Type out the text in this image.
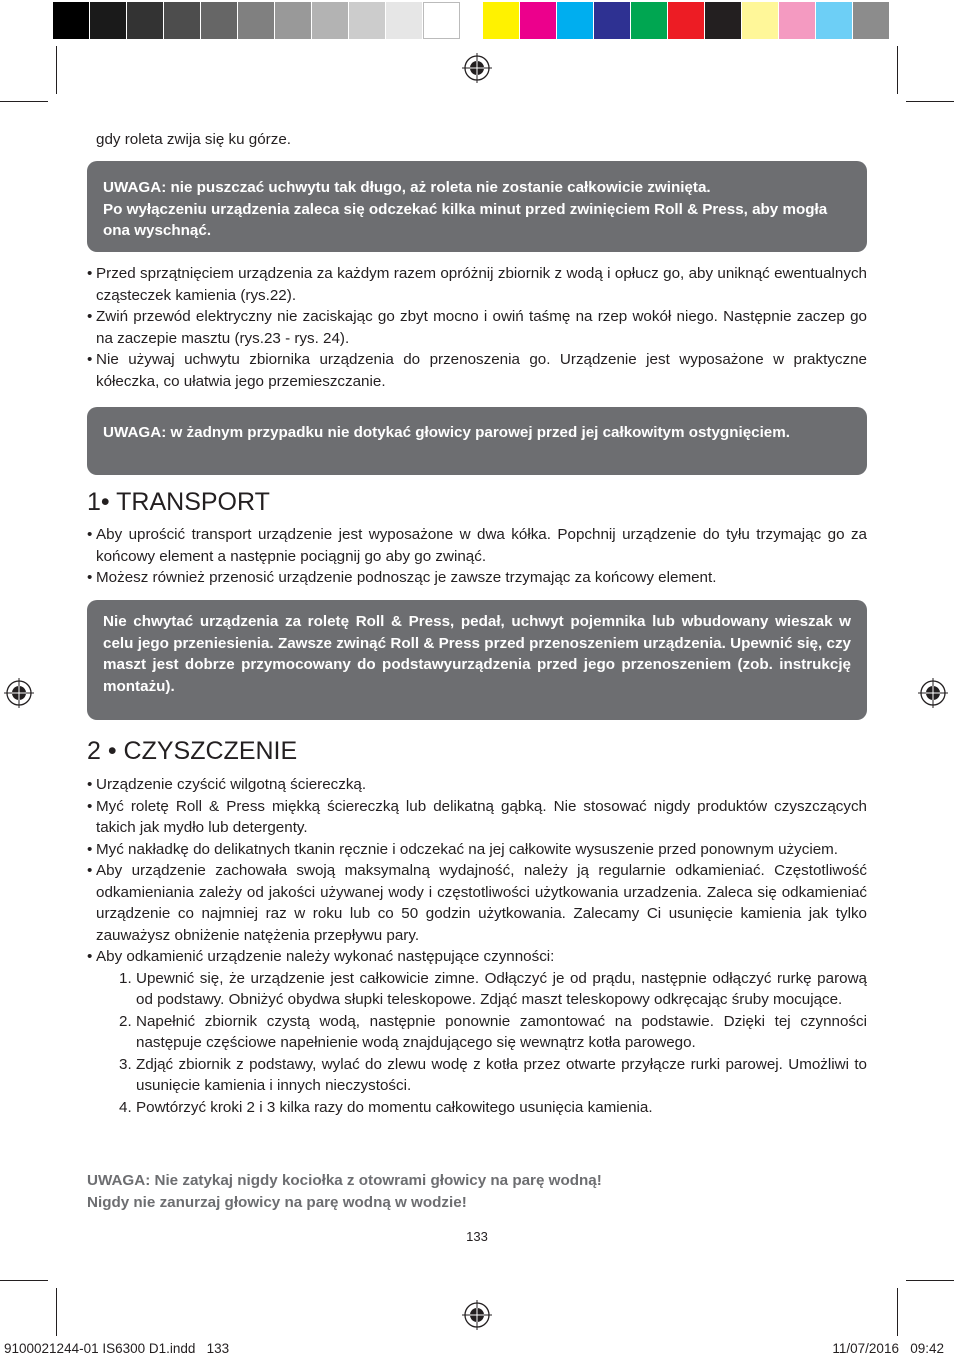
gdy roleta zwija się ku górze.
UWAGA: nie puszczać uchwytu tak długo, aż roleta nie zostanie całkowicie zwinięta.
Po wyłączeniu urządzenia zaleca się odczekać kilka minut przed zwinięciem Roll & Press, aby mogła ona wyschnąć.
• Przed sprzątnięciem urządzenia za każdym razem opróżnij zbiornik z wodą i opłucz go, aby uniknąć ewentualnych cząsteczek kamienia (rys.22).
• Zwiń przewód elektryczny nie zaciskając go zbyt mocno i owiń taśmę na rzep wokół niego. Następnie zaczep go na zaczepie masztu (rys.23 - rys. 24).
• Nie używaj uchwytu zbiornika urządzenia do przenoszenia go. Urządzenie jest wyposażone w praktyczne kółeczka, co ułatwia jego przemieszczanie.
UWAGA: w żadnym przypadku nie dotykać głowicy parowej przed jej całkowitym ostygnięciem.
1• TRANSPORT
• Aby uprościć transport urządzenie jest wyposażone w dwa kółka. Popchnij urządzenie do tyłu trzymając go za końcowy element a następnie pociągnij go aby go zwinąć.
• Możesz również przenosić urządzenie podnosząc je zawsze trzymając za końcowy element.
Nie chwytać urządzenia za roletę Roll & Press, pedał, uchwyt pojemnika lub wbudowany wieszak w celu jego przeniesienia. Zawsze zwinąć Roll & Press przed przenoszeniem urządzenia. Upewnić się, czy maszt jest dobrze przymocowany do podstawyurządzenia przed jego przenoszeniem (zob. instrukcję montażu).
2 • CZYSZCZENIE
• Urządzenie czyścić wilgotną ściereczką.
• Myć roletę Roll & Press miękką ściereczką lub delikatną gąbką. Nie stosować nigdy produktów czyszczących takich jak mydło lub detergenty.
• Myć nakładkę do delikatnych tkanin ręcznie i odczekać na jej całkowite wysuszenie przed ponownym użyciem.
• Aby urządzenie zachowała swoją maksymalną wydajność, należy ją regularnie odkamieniać. Częstotliwość odkamieniania zależy od jakości używanej wody i częstotliwości użytkowania urzadzenia. Zaleca się odkamieniać urządzenie co najmniej raz w roku lub co 50 godzin użytkowania. Zalecamy Ci usunięcie kamienia jak tylko zauważysz obniżenie natężenia przepływu pary.
• Aby odkamienić urządzenie należy wykonać następujące czynności:
1. Upewnić się, że urządzenie jest całkowicie zimne. Odłączyć je od prądu, następnie odłączyć rurkę parową od podstawy. Obniżyć obydwa słupki teleskopowe. Zdjąć maszt teleskopowy odkręcając śruby mocujące.
2. Napełnić zbiornik czystą wodą, następnie ponownie zamontować na podstawie. Dzięki tej czynności następuje częściowe napełnienie wodą znajdującego się wewnątrz kotła parowego.
3. Zdjąć zbiornik z podstawy, wylać do zlewu wodę z kotła przez otwarte przyłącze rurki parowej. Umożliwi to usunięcie kamienia i innych nieczystości.
4. Powtórzyć kroki 2 i 3 kilka razy do momentu całkowitego usunięcia kamienia.
UWAGA: Nie zatykaj nigdy kociołka z otowrami głowicy na parę wodną!
Nigdy nie zanurzaj głowicy na parę wodną w wodzie!
133
9100021244-01 IS6300 D1.indd   133	11/07/2016   09:42
